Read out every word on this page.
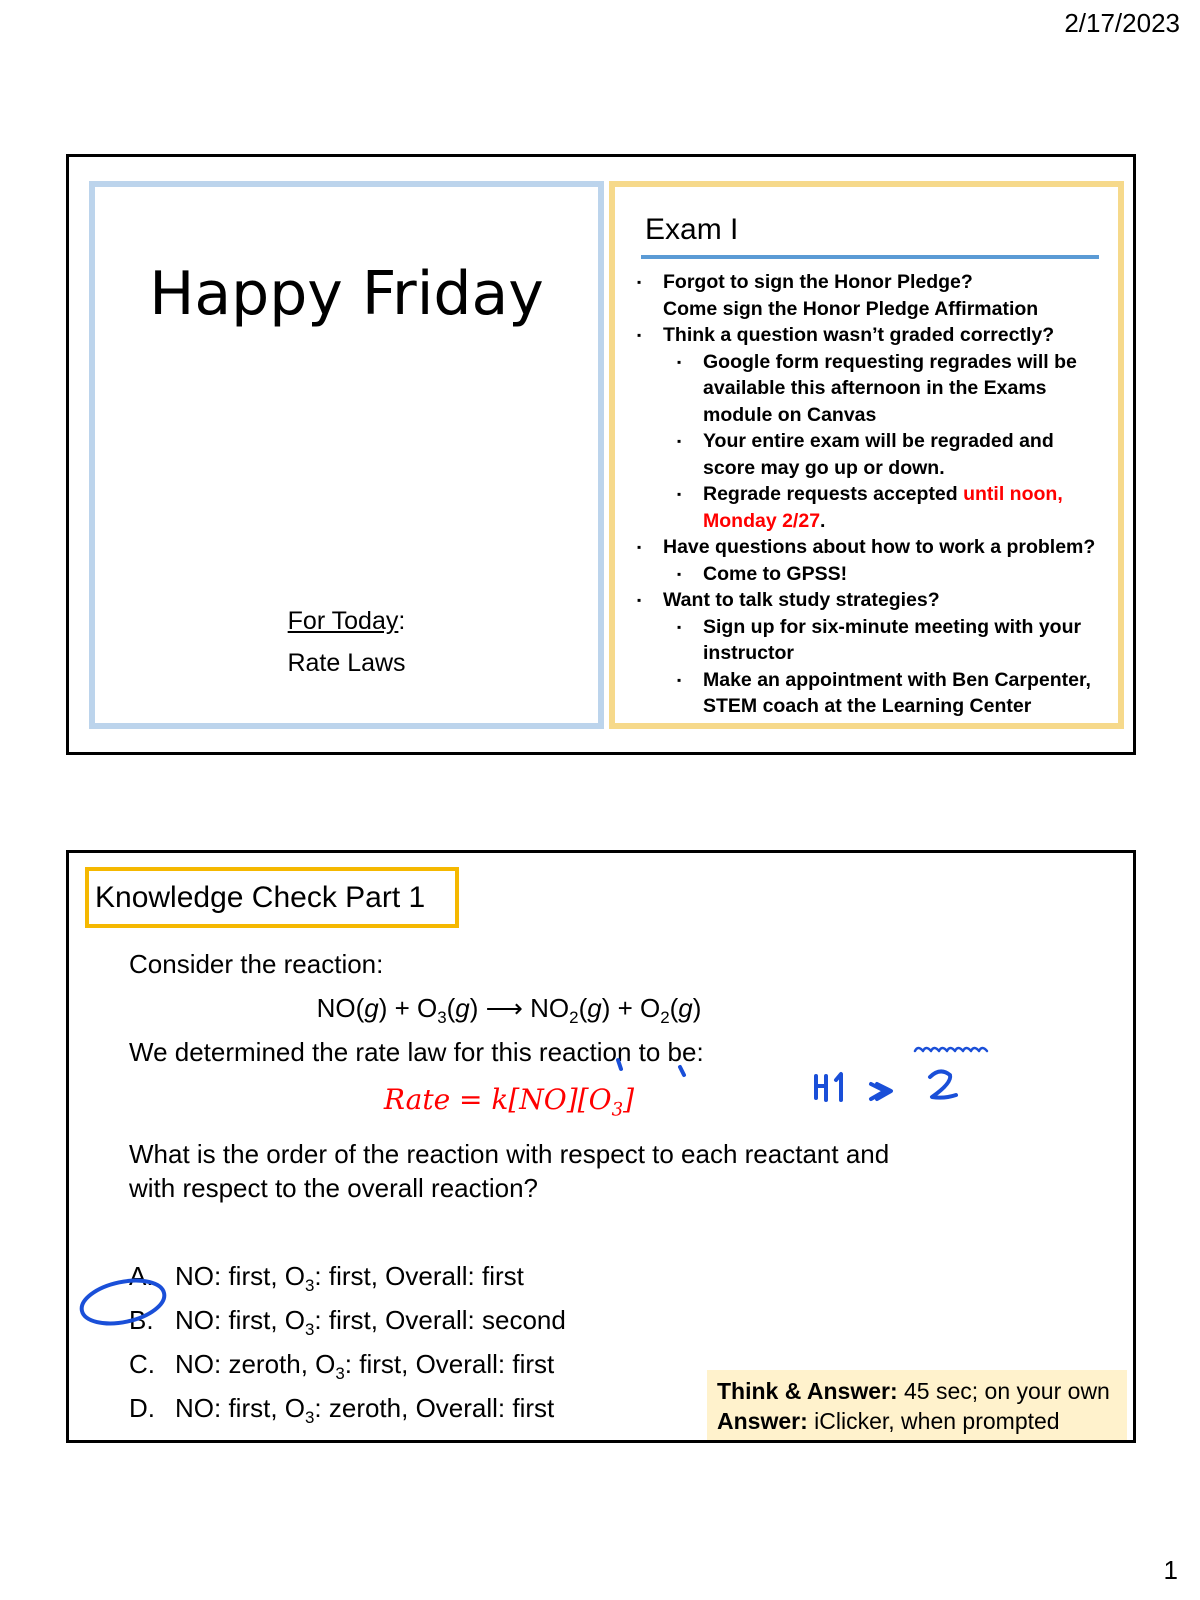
2/17/2023
Happy Friday
For Today:
Rate Laws
Exam I
▪ Forgot to sign the Honor Pledge?
Come sign the Honor Pledge Affirmation
▪ Think a question wasn’t graded correctly?
▪ Google form requesting regrades will be available this afternoon in the Exams module on Canvas
▪ Your entire exam will be regraded and score may go up or down.
▪ Regrade requests accepted until noon, Monday 2/27.
▪ Have questions about how to work a problem?
▪ Come to GPSS!
▪ Want to talk study strategies?
▪ Sign up for six-minute meeting with your instructor
▪ Make an appointment with Ben Carpenter, STEM coach at the Learning Center
Knowledge Check Part 1
Consider the reaction:
$NO(g) + O_3(g)$ ⟶ $NO_2(g) + O_2(g)$
We determined the rate law for this reaction to be:
Rate = $k[NO][O_3]$
What is the order of the reaction with respect to each reactant and
with respect to the overall reaction?
A. NO: first, $O_3$: first, Overall: first
B. NO: first, $O_3$: first, Overall: second
C. NO: zeroth, $O_3$: first, Overall: first
D. NO: first, $O_3$: zeroth, Overall: first
Think & Answer: 45 sec; on your own
Answer: iClicker, when prompted
1
